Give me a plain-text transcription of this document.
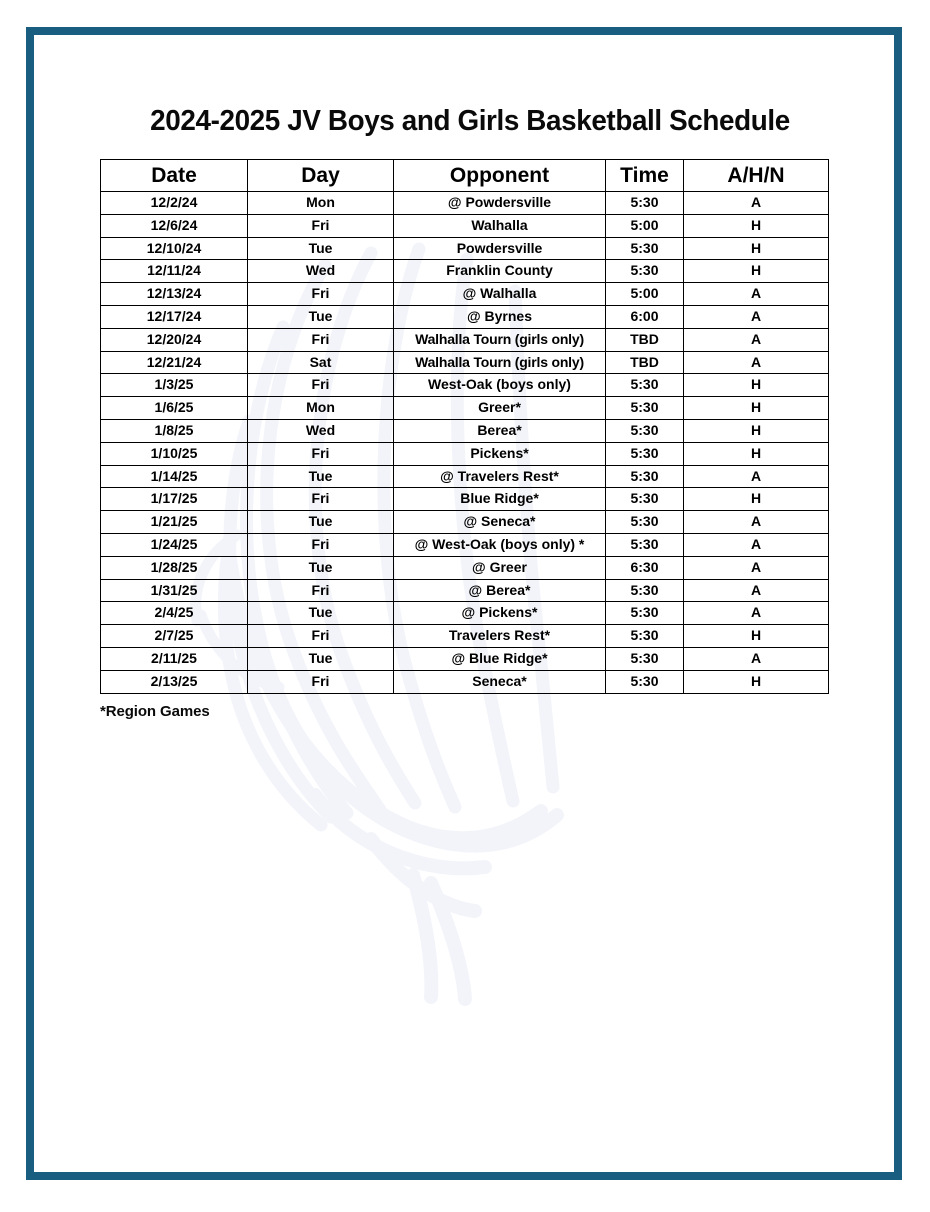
2024-2025 JV Boys and Girls Basketball Schedule
Date	Day	Opponent	Time	A/H/N
12/2/24	Mon	@ Powdersville	5:30	A
12/6/24	Fri	Walhalla	5:00	H
12/10/24	Tue	Powdersville	5:30	H
12/11/24	Wed	Franklin County	5:30	H
12/13/24	Fri	@ Walhalla	5:00	A
12/17/24	Tue	@ Byrnes	6:00	A
12/20/24	Fri	Walhalla Tourn (girls only)	TBD	A
12/21/24	Sat	Walhalla Tourn (girls only)	TBD	A
1/3/25	Fri	West-Oak (boys only)	5:30	H
1/6/25	Mon	Greer*	5:30	H
1/8/25	Wed	Berea*	5:30	H
1/10/25	Fri	Pickens*	5:30	H
1/14/25	Tue	@ Travelers Rest*	5:30	A
1/17/25	Fri	Blue Ridge*	5:30	H
1/21/25	Tue	@ Seneca*	5:30	A
1/24/25	Fri	@ West-Oak (boys only) *	5:30	A
1/28/25	Tue	@ Greer	6:30	A
1/31/25	Fri	@ Berea*	5:30	A
2/4/25	Tue	@ Pickens*	5:30	A
2/7/25	Fri	Travelers Rest*	5:30	H
2/11/25	Tue	@ Blue Ridge*	5:30	A
2/13/25	Fri	Seneca*	5:30	H
*Region Games
